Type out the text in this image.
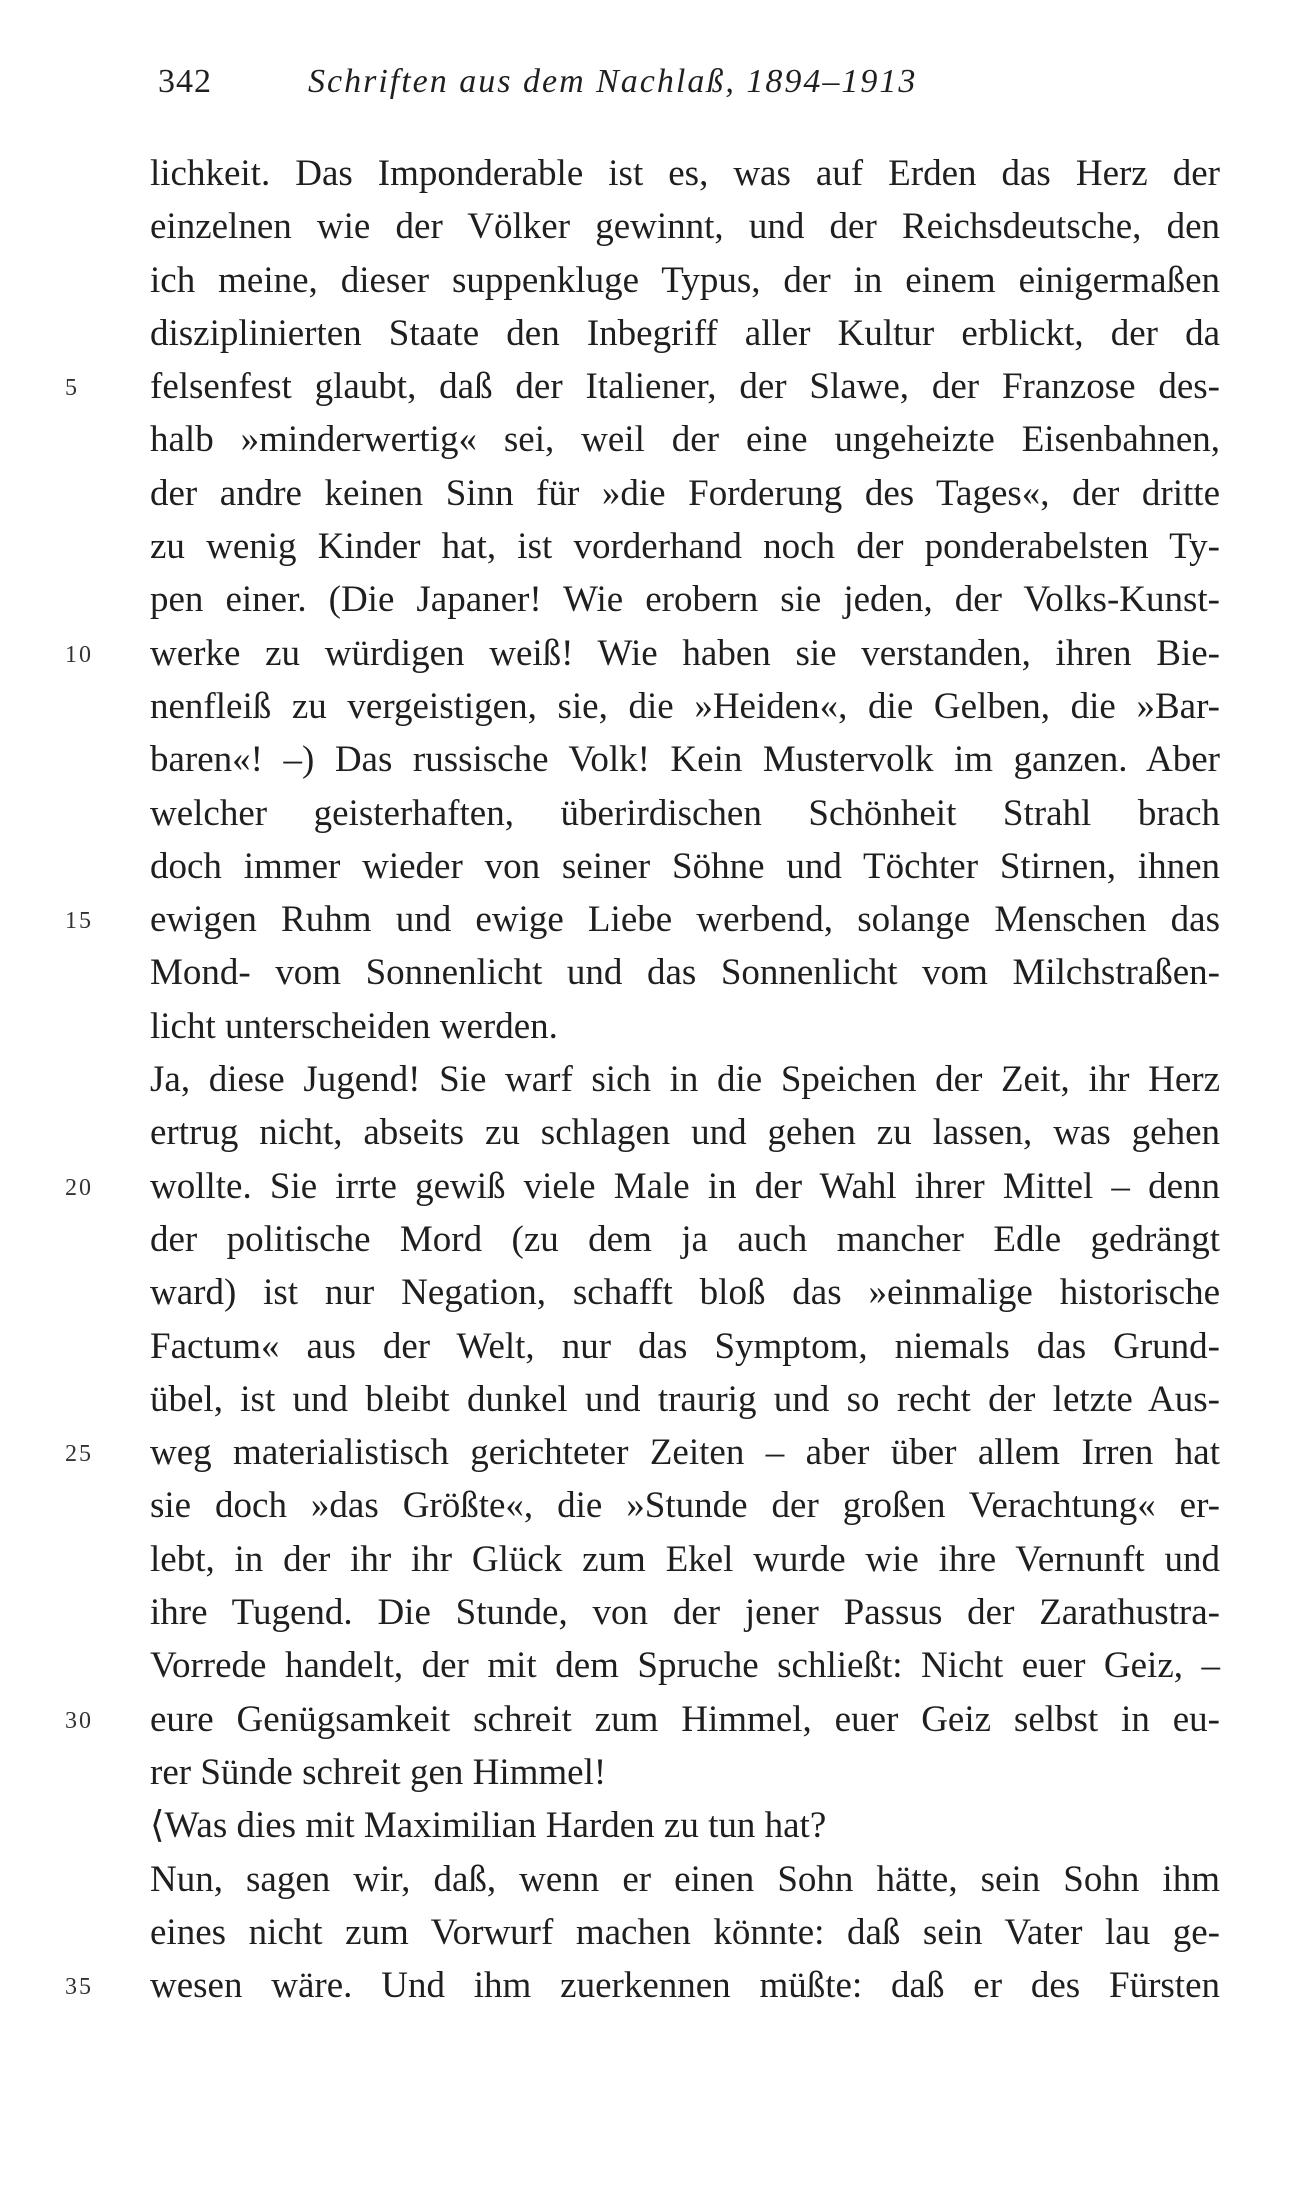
342	Schriften aus dem Nachlaß, 1894–1913
lichkeit. Das Imponderable ist es, was auf Erden das Herz der
einzelnen wie der Völker gewinnt, und der Reichsdeutsche, den
ich meine, dieser suppenkluge Typus, der in einem einigermaßen
disziplinierten Staate den Inbegriff aller Kultur erblickt, der da
felsenfest glaubt, daß der Italiener, der Slawe, der Franzose des-
5
halb »minderwertig« sei, weil der eine ungeheizte Eisenbahnen,
der andre keinen Sinn für »die Forderung des Tages«, der dritte
zu wenig Kinder hat, ist vorderhand noch der ponderabelsten Ty-
pen einer. (Die Japaner! Wie erobern sie jeden, der Volks-Kunst-
werke zu würdigen weiß! Wie haben sie verstanden, ihren Bie-
10
nenfleiß zu vergeistigen, sie, die »Heiden«, die Gelben, die »Bar-
baren«! –) Das russische Volk! Kein Mustervolk im ganzen. Aber
welcher geisterhaften, überirdischen Schönheit Strahl brach
doch immer wieder von seiner Söhne und Töchter Stirnen, ihnen
ewigen Ruhm und ewige Liebe werbend, solange Menschen das
15
Mond- vom Sonnenlicht und das Sonnenlicht vom Milchstraßen-
licht unterscheiden werden.
Ja, diese Jugend! Sie warf sich in die Speichen der Zeit, ihr Herz
ertrug nicht, abseits zu schlagen und gehen zu lassen, was gehen
wollte. Sie irrte gewiß viele Male in der Wahl ihrer Mittel – denn
20
der politische Mord (zu dem ja auch mancher Edle gedrängt
ward) ist nur Negation, schafft bloß das »einmalige historische
Factum« aus der Welt, nur das Symptom, niemals das Grund-
übel, ist und bleibt dunkel und traurig und so recht der letzte Aus-
weg materialistisch gerichteter Zeiten – aber über allem Irren hat
25
sie doch »das Größte«, die »Stunde der großen Verachtung« er-
lebt, in der ihr ihr Glück zum Ekel wurde wie ihre Vernunft und
ihre Tugend. Die Stunde, von der jener Passus der Zarathustra-
Vorrede handelt, der mit dem Spruche schließt: Nicht euer Geiz, –
eure Genügsamkeit schreit zum Himmel, euer Geiz selbst in eu-
30
rer Sünde schreit gen Himmel!
⟨Was dies mit Maximilian Harden zu tun hat?
Nun, sagen wir, daß, wenn er einen Sohn hätte, sein Sohn ihm
eines nicht zum Vorwurf machen könnte: daß sein Vater lau ge-
wesen wäre. Und ihm zuerkennen müßte: daß er des Fürsten
35
